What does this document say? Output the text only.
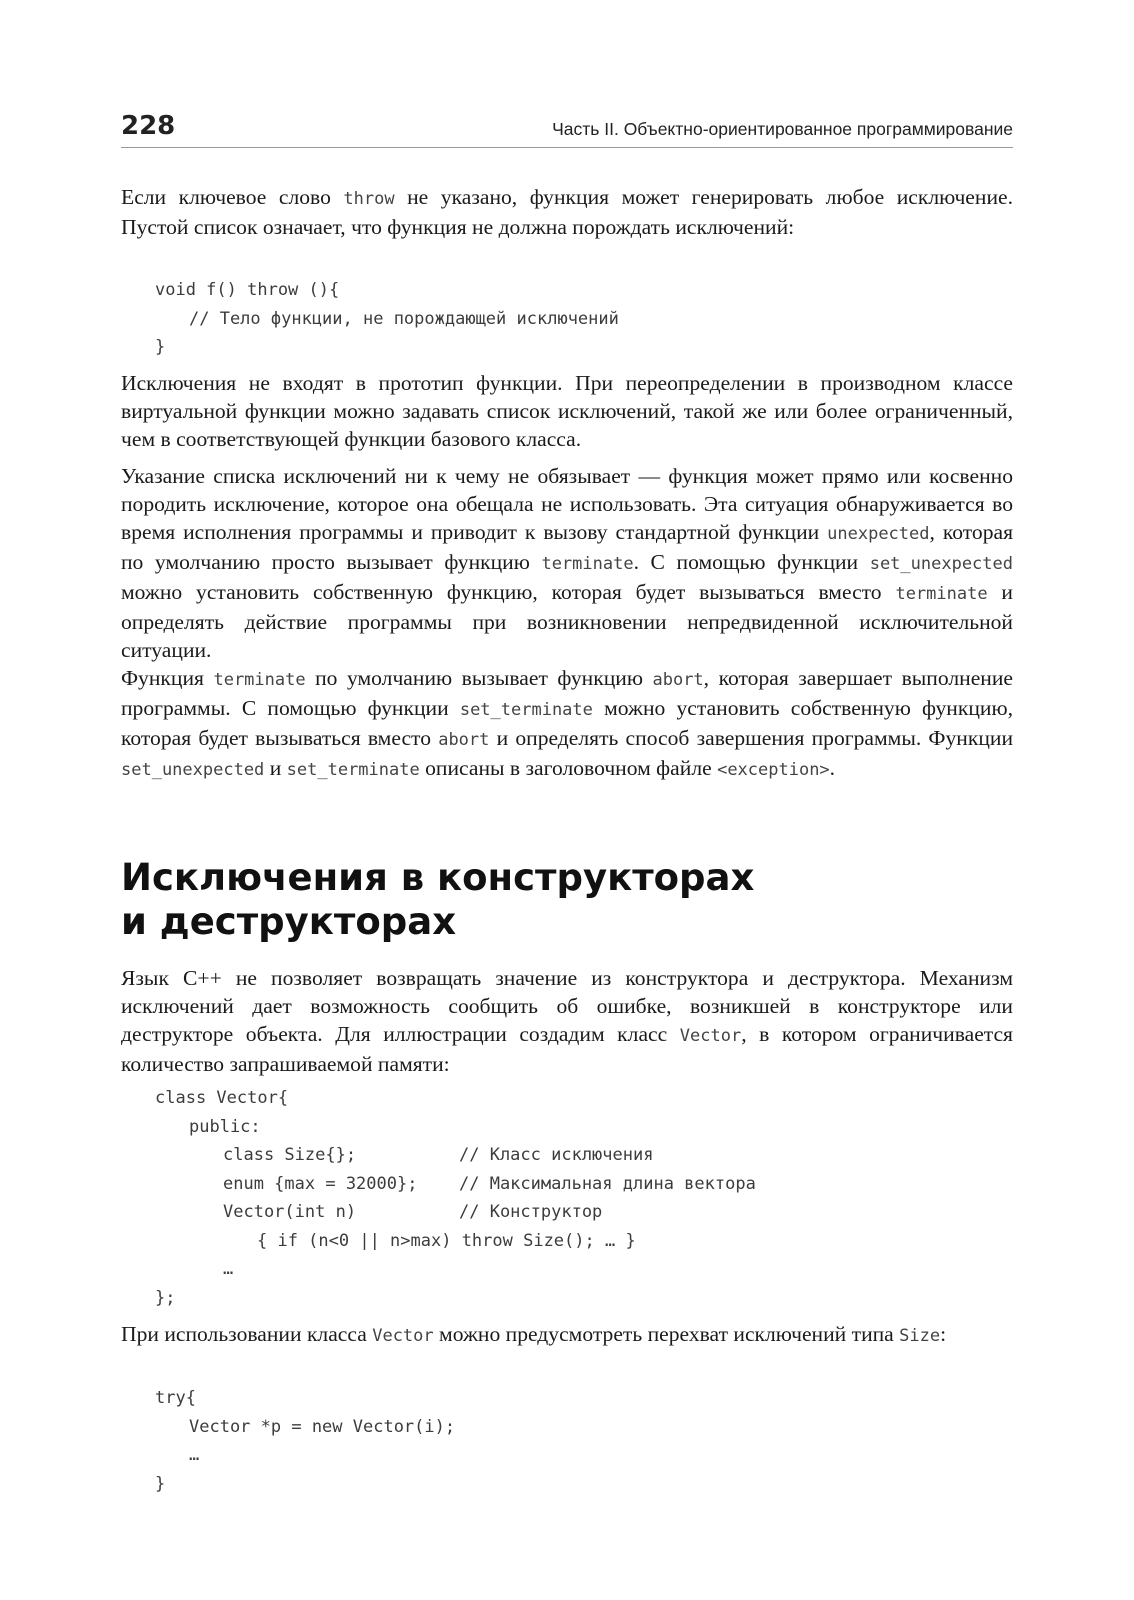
228	Часть II. Объектно-ориентированное программирование

Если ключевое слово throw не указано, функция может генерировать любое исключение. Пустой список означает, что функция не должна порождать исключений:

void f() throw (){
// Тело функции, не порождающей исключений
}

Исключения не входят в прототип функции. При переопределении в производном классе виртуальной функции можно задавать список исключений, такой же или более ограниченный, чем в соответствующей функции базового класса.

Указание списка исключений ни к чему не обязывает — функция может прямо или косвенно породить исключение, которое она обещала не использовать. Эта ситуация обнаруживается во время исполнения программы и приводит к вызову стандартной функции unexpected, которая по умолчанию просто вызывает функцию terminate. С помощью функции set_unexpected можно установить собственную функцию, которая будет вызываться вместо terminate и определять действие программы при возникновении непредвиденной исключительной ситуации.

Функция terminate по умолчанию вызывает функцию abort, которая завершает выполнение программы. С помощью функции set_terminate можно установить собственную функцию, которая будет вызываться вместо abort и определять способ завершения программы. Функции set_unexpected и set_terminate описаны в заголовочном файле <exception>.

Исключения в конструкторах
и деструкторах

Язык С++ не позволяет возвращать значение из конструктора и деструктора. Механизм исключений дает возможность сообщить об ошибке, возникшей в конструкторе или деструкторе объекта. Для иллюстрации создадим класс Vector, в котором ограничивается количество запрашиваемой памяти:

class Vector{
public:
class Size{};	// Класс исключения
enum {max = 32000}; // Максимальная длина вектора
Vector(int n)	// Конструктор
{ if (n<0 || n>max) throw Size(); … }
…
};

При использовании класса Vector можно предусмотреть перехват исключений типа Size:

try{
Vector *p = new Vector(i);
…
}
